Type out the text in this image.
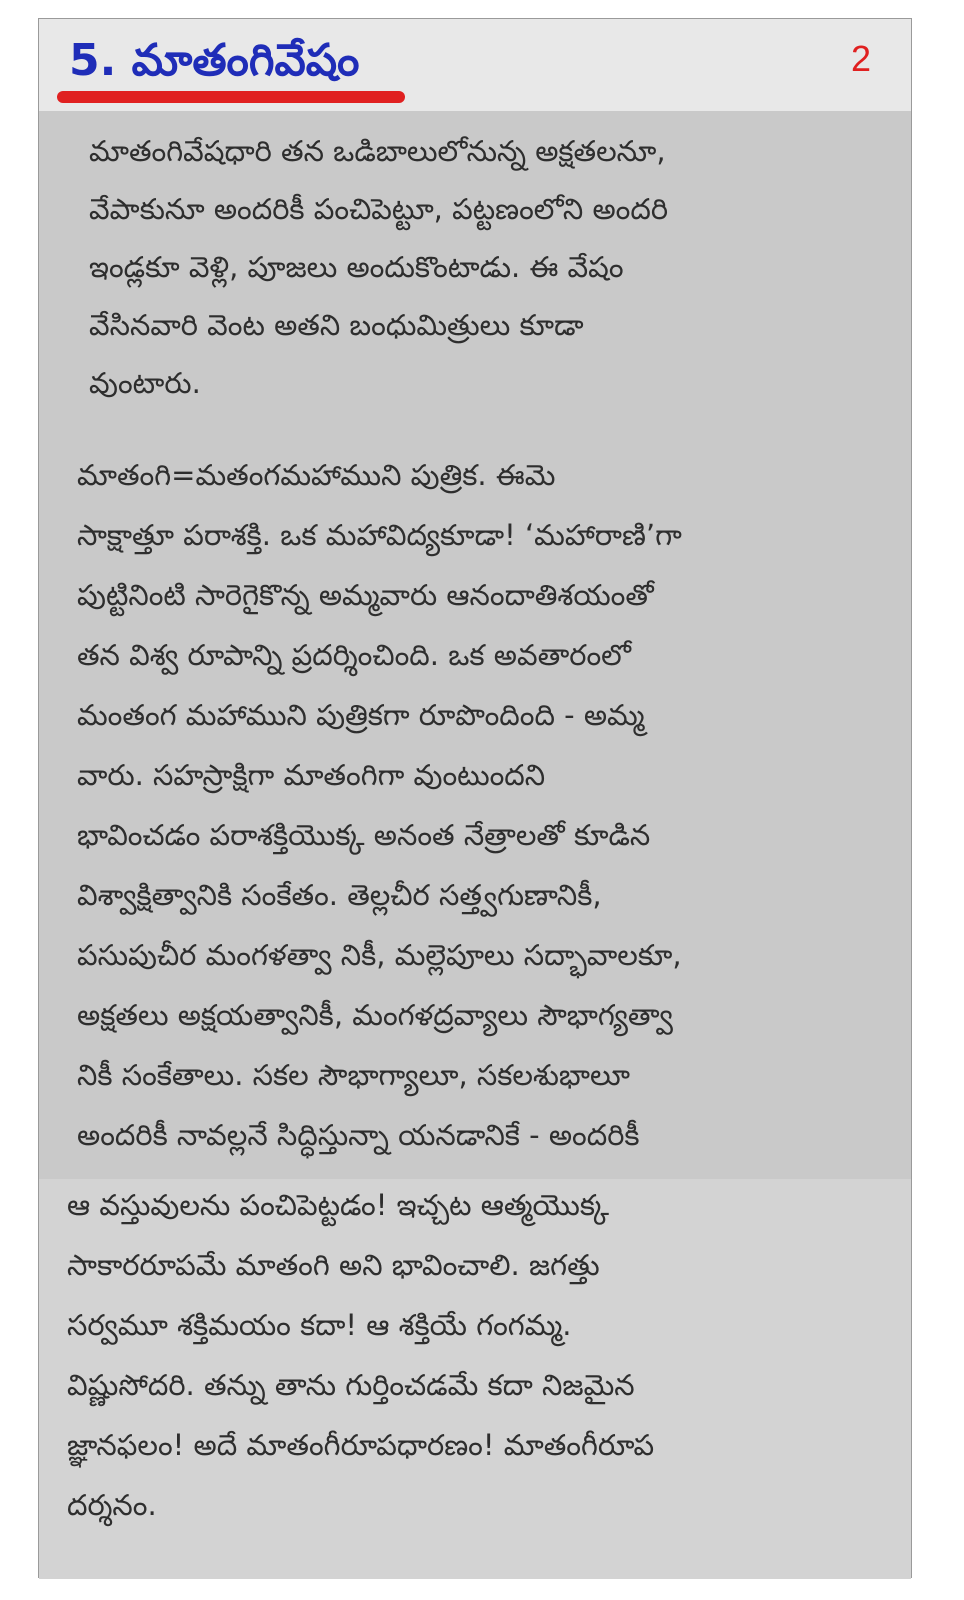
5. మాతంగివేషం	2
మాతంగివేషధారి తన ఒడిబాలులోనున్న అక్షతలనూ,
వేపాకునూ అందరికీ పంచిపెట్టూ, పట్టణంలోని అందరి
ఇండ్లకూ వెళ్లి, పూజలు అందుకొంటాడు. ఈ వేషం
వేసినవారి వెంట అతని బంధుమిత్రులు కూడా
వుంటారు.
మాతంగి=మతంగమహాముని పుత్రిక. ఈమె
సాక్షాత్తూ పరాశక్తి. ఒక మహావిద్యకూడా! ‘మహారాణి’గా
పుట్టినింటి సారెగైకొన్న అమ్మవారు ఆనందాతిశయంతో
తన విశ్వ రూపాన్ని ప్రదర్శించింది. ఒక అవతారంలో
మంతంగ మహాముని పుత్రికగా రూపొందింది - అమ్మ
వారు. సహస్రాక్షిగా మాతంగిగా వుంటుందని
భావించడం పరాశక్తియొక్క అనంత నేత్రాలతో కూడిన
విశ్వాక్షిత్వానికి సంకేతం. తెల్లచీర సత్త్వగుణానికీ,
పసుపుచీర మంగళత్వా నికీ, మల్లెపూలు సద్భావాలకూ,
అక్షతలు అక్షయత్వానికీ, మంగళద్రవ్యాలు సౌభాగ్యత్వా
నికీ సంకేతాలు. సకల సౌభాగ్యాలూ, సకలశుభాలూ
అందరికీ నావల్లనే సిద్ధిస్తున్నా యనడానికే - అందరికీ
ఆ వస్తువులను పంచిపెట్టడం! ఇచ్చట ఆత్మయొక్క
సాకారరూపమే మాతంగి అని భావించాలి. జగత్తు
సర్వమూ శక్తిమయం కదా! ఆ శక్తియే గంగమ్మ.
విష్ణుసోదరి. తన్ను తాను గుర్తించడమే కదా నిజమైన
జ్ఞానఫలం! అదే మాతంగీరూపధారణం! మాతంగీరూప
దర్శనం.
